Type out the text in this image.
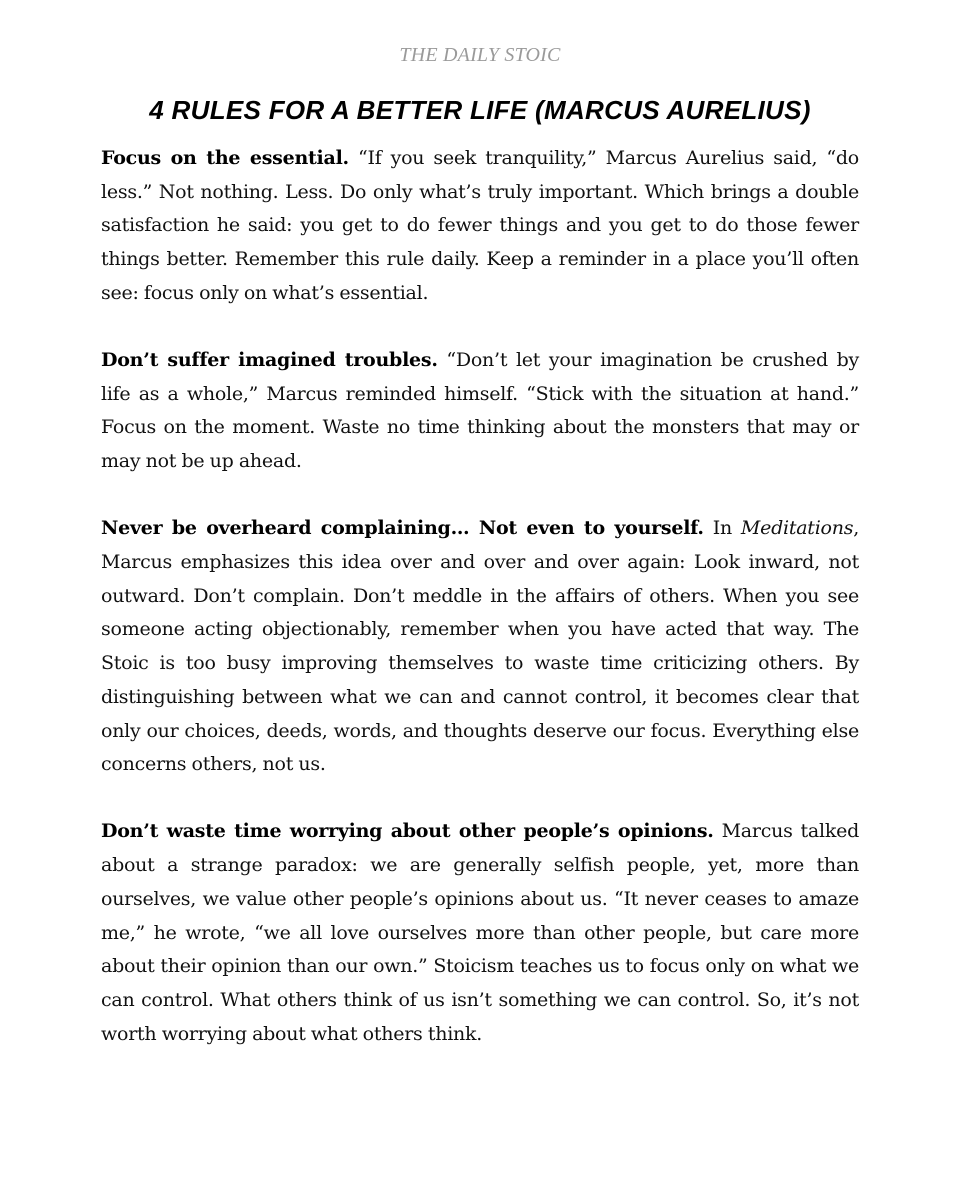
THE DAILY STOIC
4 RULES FOR A BETTER LIFE (MARCUS AURELIUS)

Focus on the essential. “If you seek tranquility,” Marcus Aurelius said, “do less.” Not nothing. Less. Do only what’s truly important. Which brings a double satisfaction he said: you get to do fewer things and you get to do those fewer things better. Remember this rule daily. Keep a reminder in a place you’ll often see: focus only on what’s essential.

Don’t suffer imagined troubles. “Don’t let your imagination be crushed by life as a whole,” Marcus reminded himself. “Stick with the situation at hand.” Focus on the moment. Waste no time thinking about the monsters that may or may not be up ahead.

Never be overheard complaining… Not even to yourself. In Meditations, Marcus emphasizes this idea over and over and over again: Look inward, not outward. Don’t complain. Don’t meddle in the affairs of others. When you see someone acting objectionably, remember when you have acted that way. The Stoic is too busy improving themselves to waste time criticizing others. By distinguishing between what we can and cannot control, it becomes clear that only our choices, deeds, words, and thoughts deserve our focus. Everything else concerns others, not us.

Don’t waste time worrying about other people’s opinions. Marcus talked about a strange paradox: we are generally selfish people, yet, more than ourselves, we value other people’s opinions about us. “It never ceases to amaze me,” he wrote, “we all love ourselves more than other people, but care more about their opinion than our own.” Stoicism teaches us to focus only on what we can control. What others think of us isn’t something we can control. So, it’s not worth worrying about what others think.
